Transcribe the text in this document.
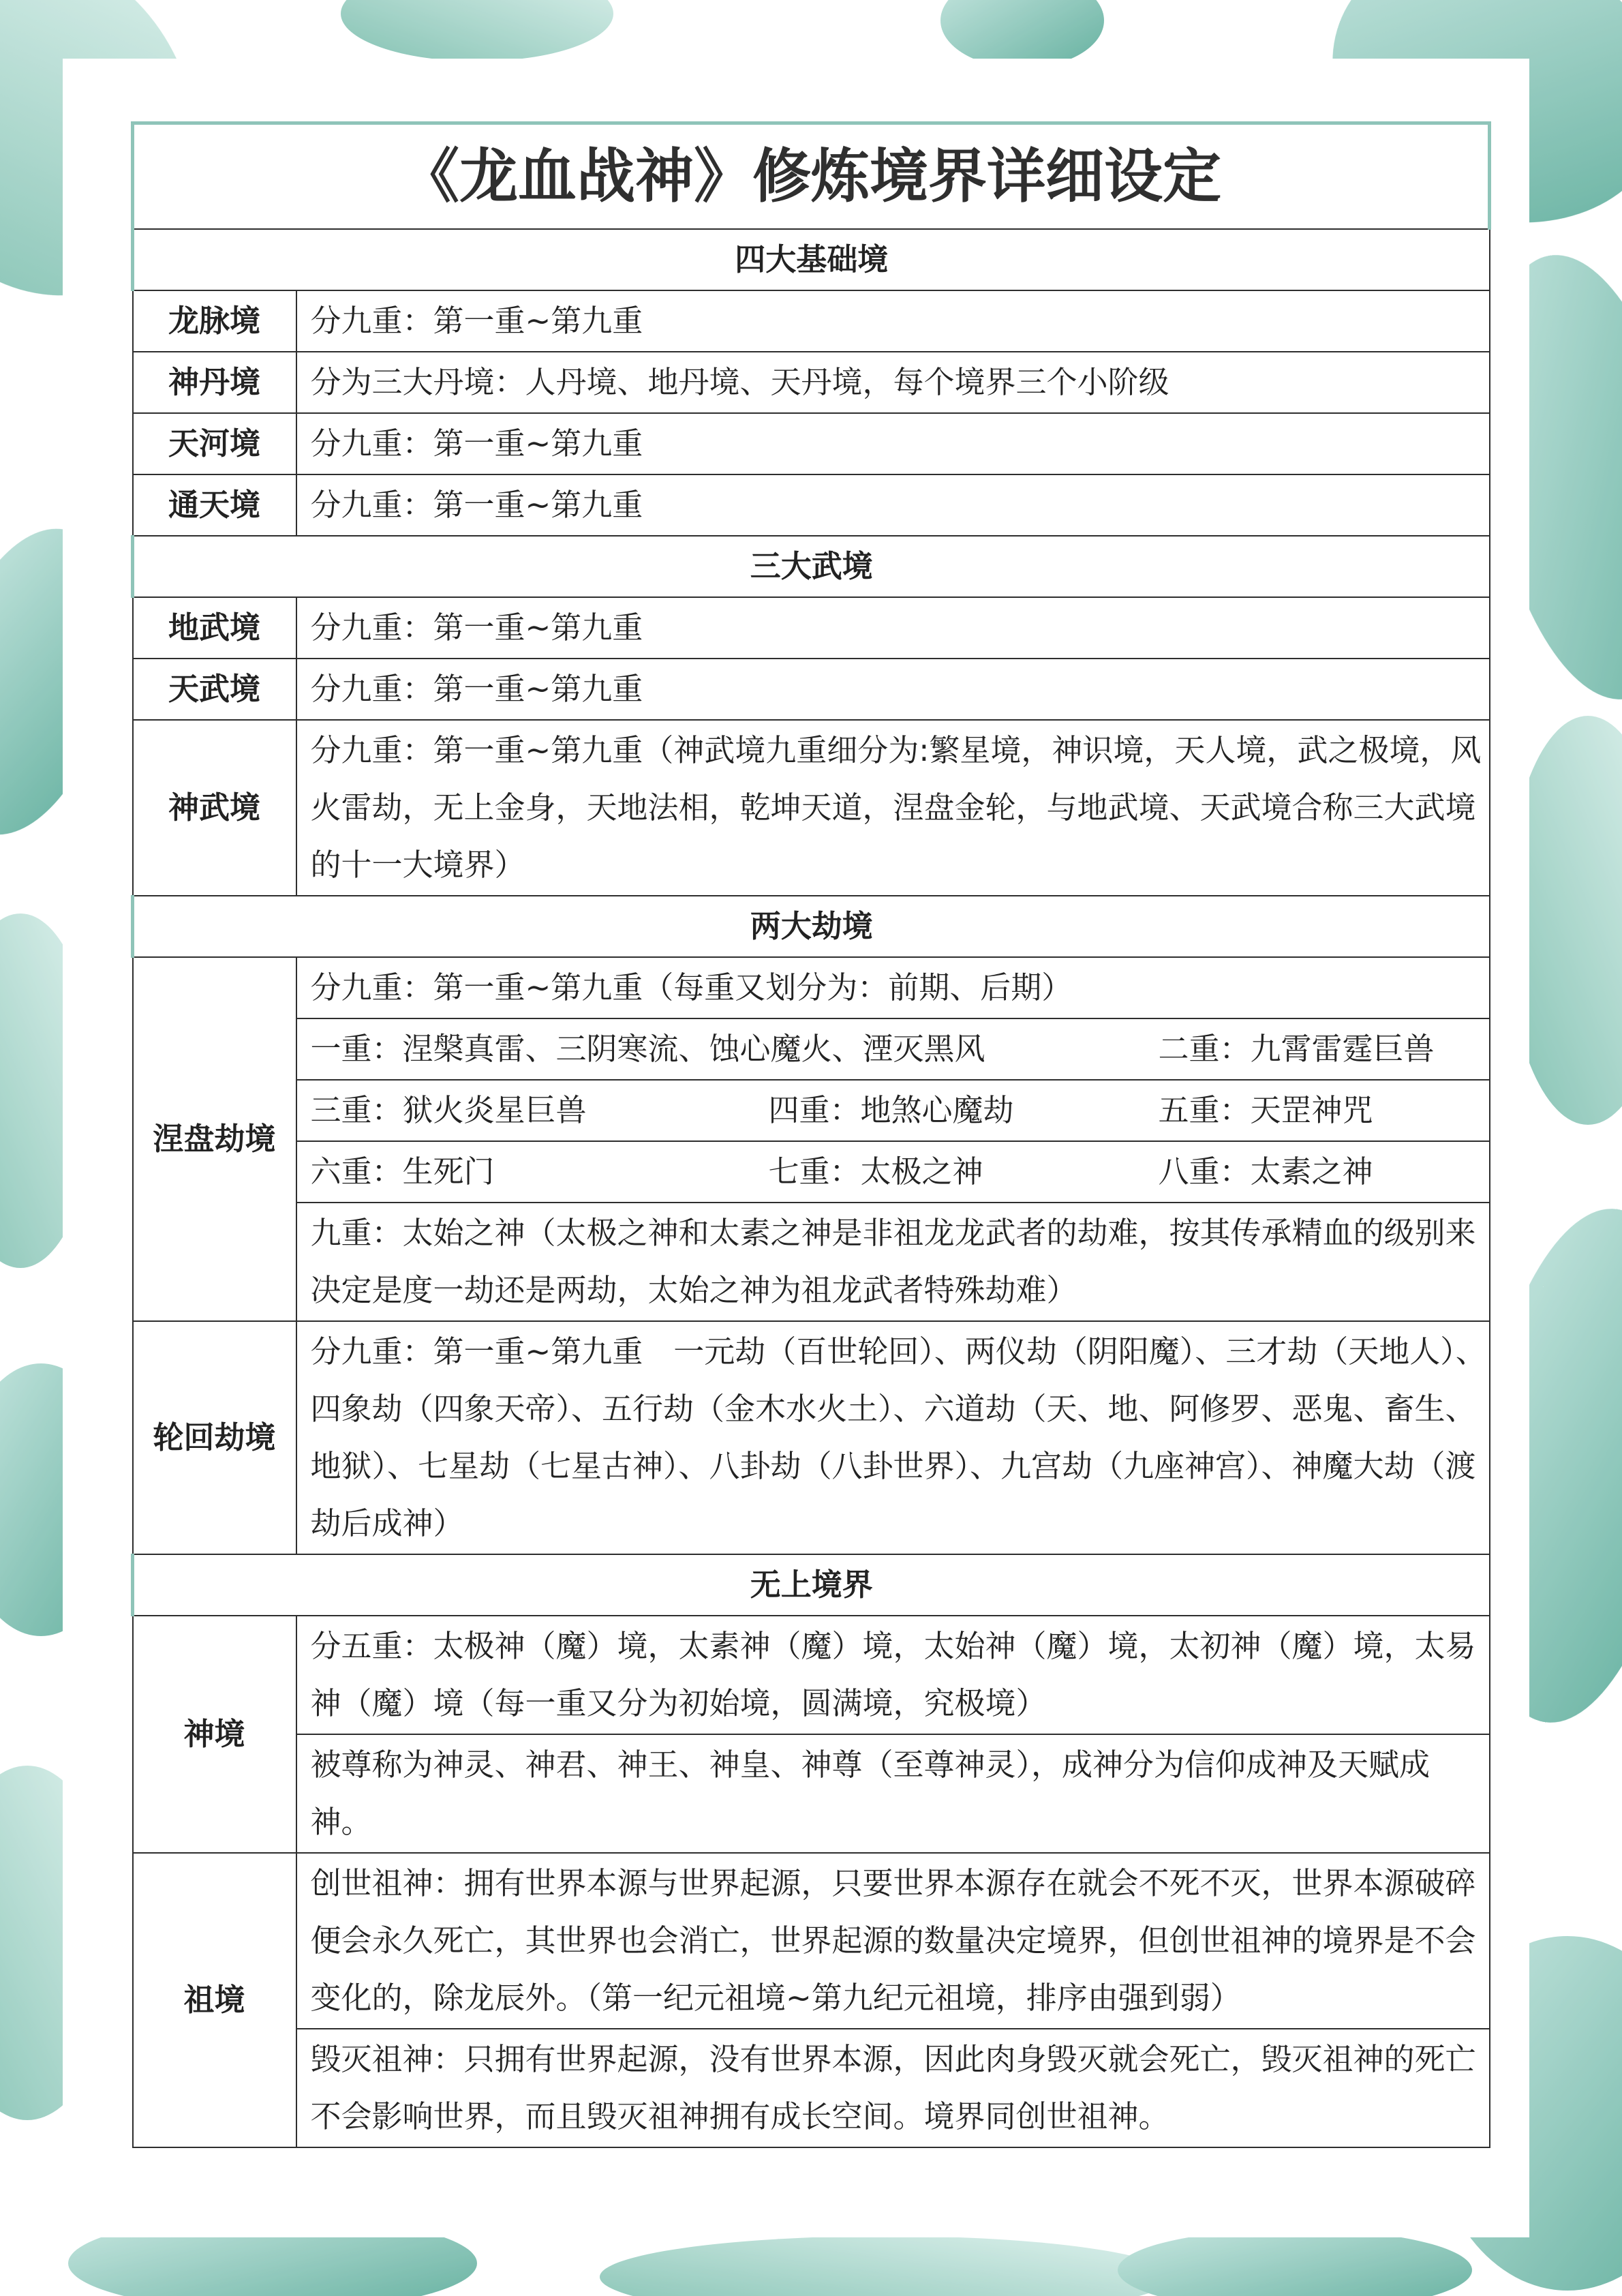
《龙血战神》修炼境界详细设定	
四大基础境	
龙脉境	分九重：第一重~第九重
神丹境	分为三大丹境：人丹境、地丹境、天丹境，每个境界三个小阶级
天河境	分九重：第一重~第九重
通天境	分九重：第一重~第九重
三大武境	
地武境	分九重：第一重~第九重
天武境	分九重：第一重~第九重
神武境	分九重：第一重~第九重（神武境九重细分为:繁星境，神识境，天人境，武之极境，风火雷劫，无上金身，天地法相，乾坤天道，涅盘金轮，与地武境、天武境合称三大武境的十一大境界）
两大劫境	
涅盘劫境	分九重：第一重~第九重（每重又划分为：前期、后期）

	一重：涅槃真雷、三阴寒流、蚀心魔火、湮灭黑风 二重：九霄雷霆巨兽

	三重：狱火炎星巨兽 四重：地煞心魔劫 五重：天罡神咒

	六重：生死门 七重：太极之神 八重：太素之神

	九重：太始之神（太极之神和太素之神是非祖龙龙武者的劫难，按其传承精血的级别来决定是度一劫还是两劫，太始之神为祖龙武者特殊劫难）
轮回劫境	分九重：第一重~第九重　一元劫（百世轮回）、两仪劫（阴阳魔）、三才劫（天地人）、四象劫（四象天帝）、五行劫（金木水火土）、六道劫（天、地、阿修罗、恶鬼、畜生、地狱）、七星劫（七星古神）、八卦劫（八卦世界）、九宫劫（九座神宫）、神魔大劫（渡劫后成神）
无上境界	
神境	分五重：太极神（魔）境，太素神（魔）境，太始神（魔）境，太初神（魔）境，太易神（魔）境（每一重又分为初始境，圆满境，究极境）
	被尊称为神灵、神君、神王、神皇、神尊（至尊神灵），成神分为信仰成神及天赋成神。
祖境	创世祖神：拥有世界本源与世界起源，只要世界本源存在就会不死不灭，世界本源破碎便会永久死亡，其世界也会消亡，世界起源的数量决定境界，但创世祖神的境界是不会变化的，除龙辰外。（第一纪元祖境~第九纪元祖境，排序由强到弱）
	毁灭祖神：只拥有世界起源，没有世界本源，因此肉身毁灭就会死亡，毁灭祖神的死亡不会影响世界，而且毁灭祖神拥有成长空间。境界同创世祖神。
